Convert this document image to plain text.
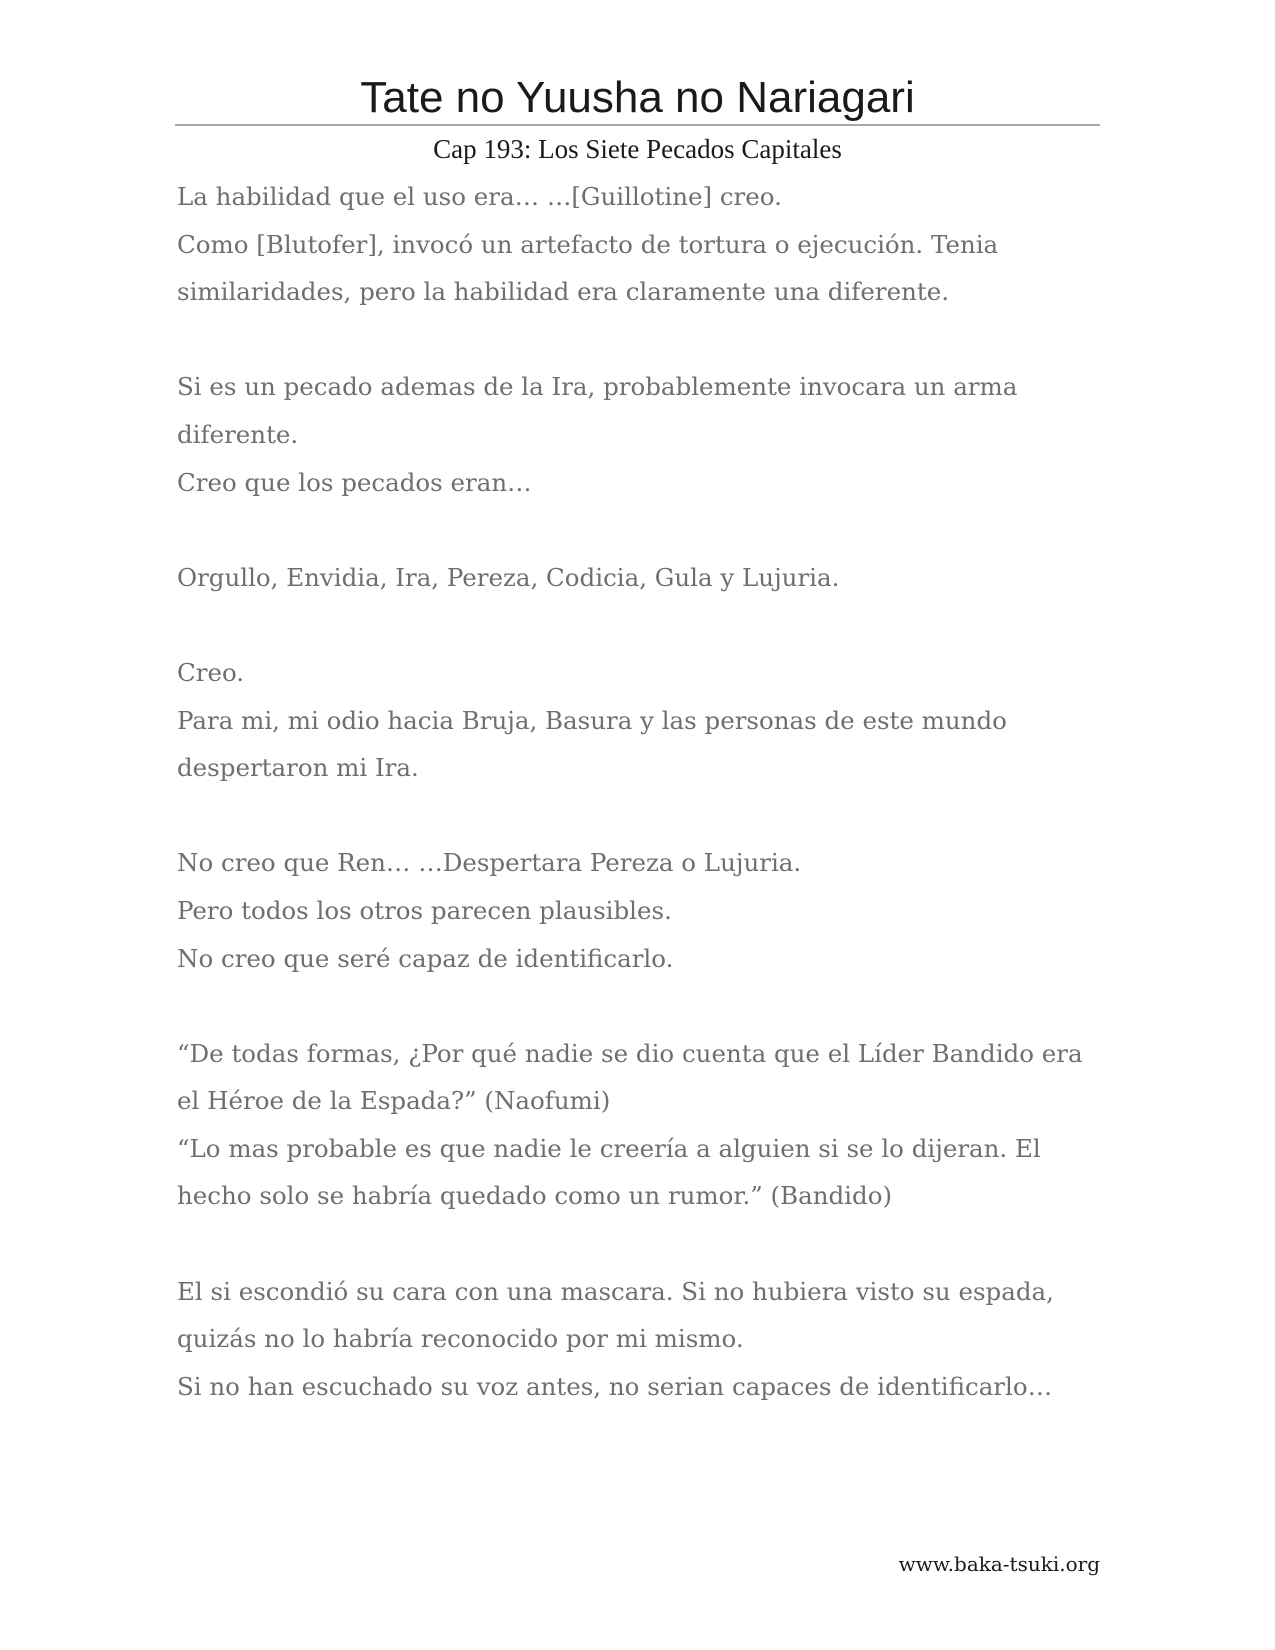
Tate no Yuusha no Nariagari
Cap 193: Los Siete Pecados Capitales
La habilidad que el uso era… …[Guillotine] creo.
Como [Blutofer], invocó un artefacto de tortura o ejecución. Tenia
similaridades, pero la habilidad era claramente una diferente.
Si es un pecado ademas de la Ira, probablemente invocara un arma
diferente.
Creo que los pecados eran…
Orgullo, Envidia, Ira, Pereza, Codicia, Gula y Lujuria.
Creo.
Para mi, mi odio hacia Bruja, Basura y las personas de este mundo
despertaron mi Ira.
No creo que Ren… …Despertara Pereza o Lujuria.
Pero todos los otros parecen plausibles.
No creo que seré capaz de identificarlo.
“De todas formas, ¿Por qué nadie se dio cuenta que el Líder Bandido era
el Héroe de la Espada?” (Naofumi)
“Lo mas probable es que nadie le creería a alguien si se lo dijeran. El
hecho solo se habría quedado como un rumor.” (Bandido)
El si escondió su cara con una mascara. Si no hubiera visto su espada,
quizás no lo habría reconocido por mi mismo.
Si no han escuchado su voz antes, no serian capaces de identificarlo…
www.baka-tsuki.org
